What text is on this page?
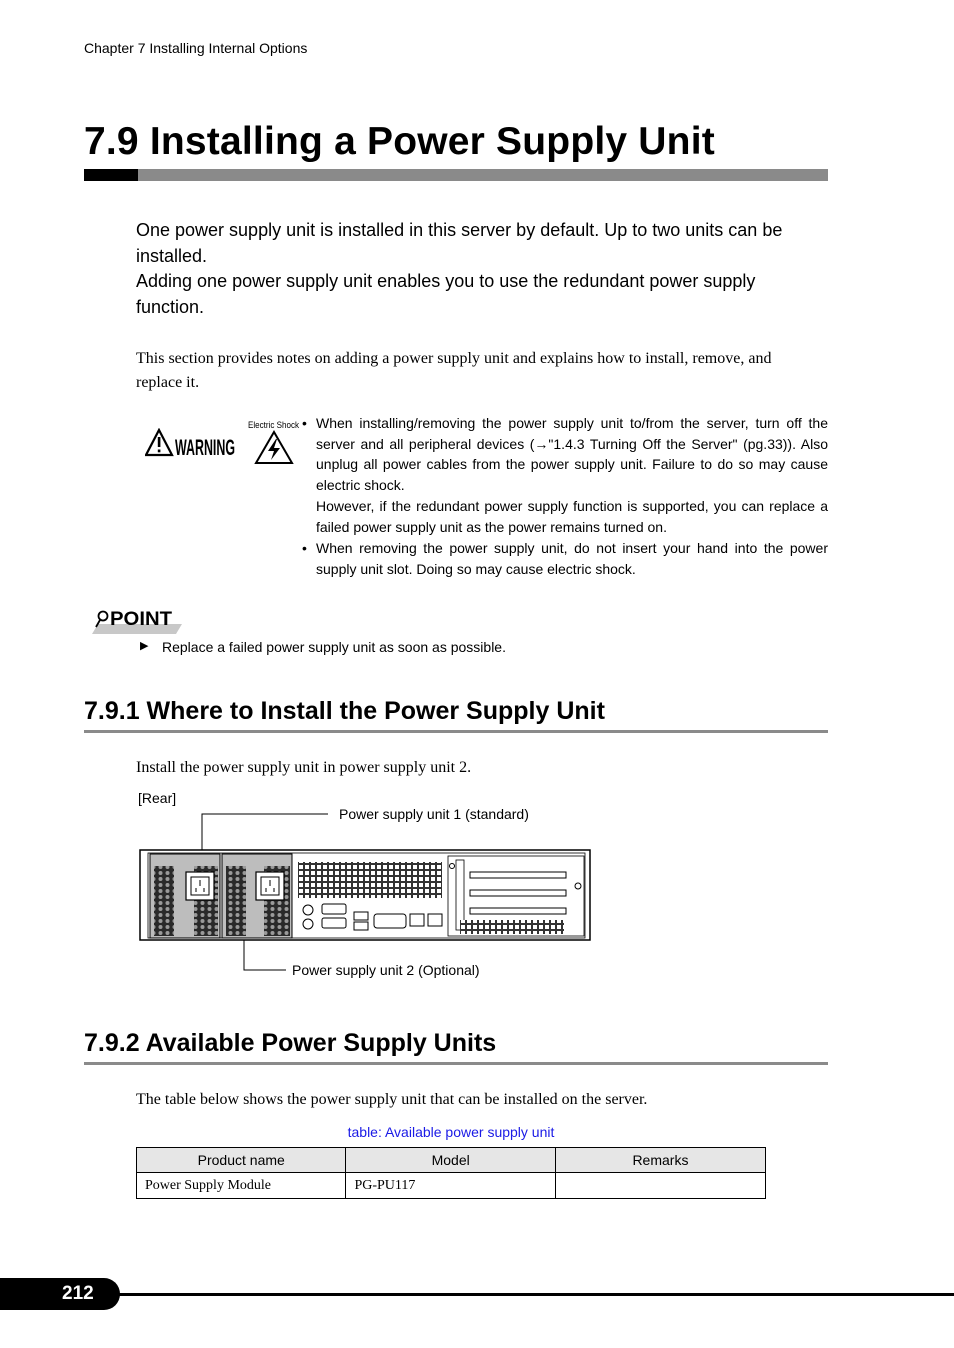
Chapter 7 Installing Internal Options
7.9 Installing a Power Supply Unit

One power supply unit is installed in this server by default. Up to two units can be installed.

Adding one power supply unit enables you to use the redundant power supply function.

This section provides notes on adding a power supply unit and explains how to install, remove, and replace it.
WARNING
Electric Shock • When installing/removing the power supply unit to/from the server, turn off the server and all peripheral devices (→"1.4.3 Turning Off the Server" (pg.33)). Also unplug all power cables from the power supply unit. Failure to do so may cause electric shock.

However, if the redundant power supply function is supported, you can replace a failed power supply unit as the power remains turned on.

• When removing the power supply unit, do not insert your hand into the power supply unit slot. Doing so may cause electric shock.

POINT
▶ Replace a failed power supply unit as soon as possible.
7.9.1 Where to Install the Power Supply Unit
Install the power supply unit in power supply unit 2.
[Rear]
Power supply unit 1 (standard)
Power supply unit 2 (Optional)
7.9.2 Available Power Supply Units
The table below shows the power supply unit that can be installed on the server.
table: Available power supply unit
Product name	Model	Remarks
Power Supply Module	PG-PU117	
212
